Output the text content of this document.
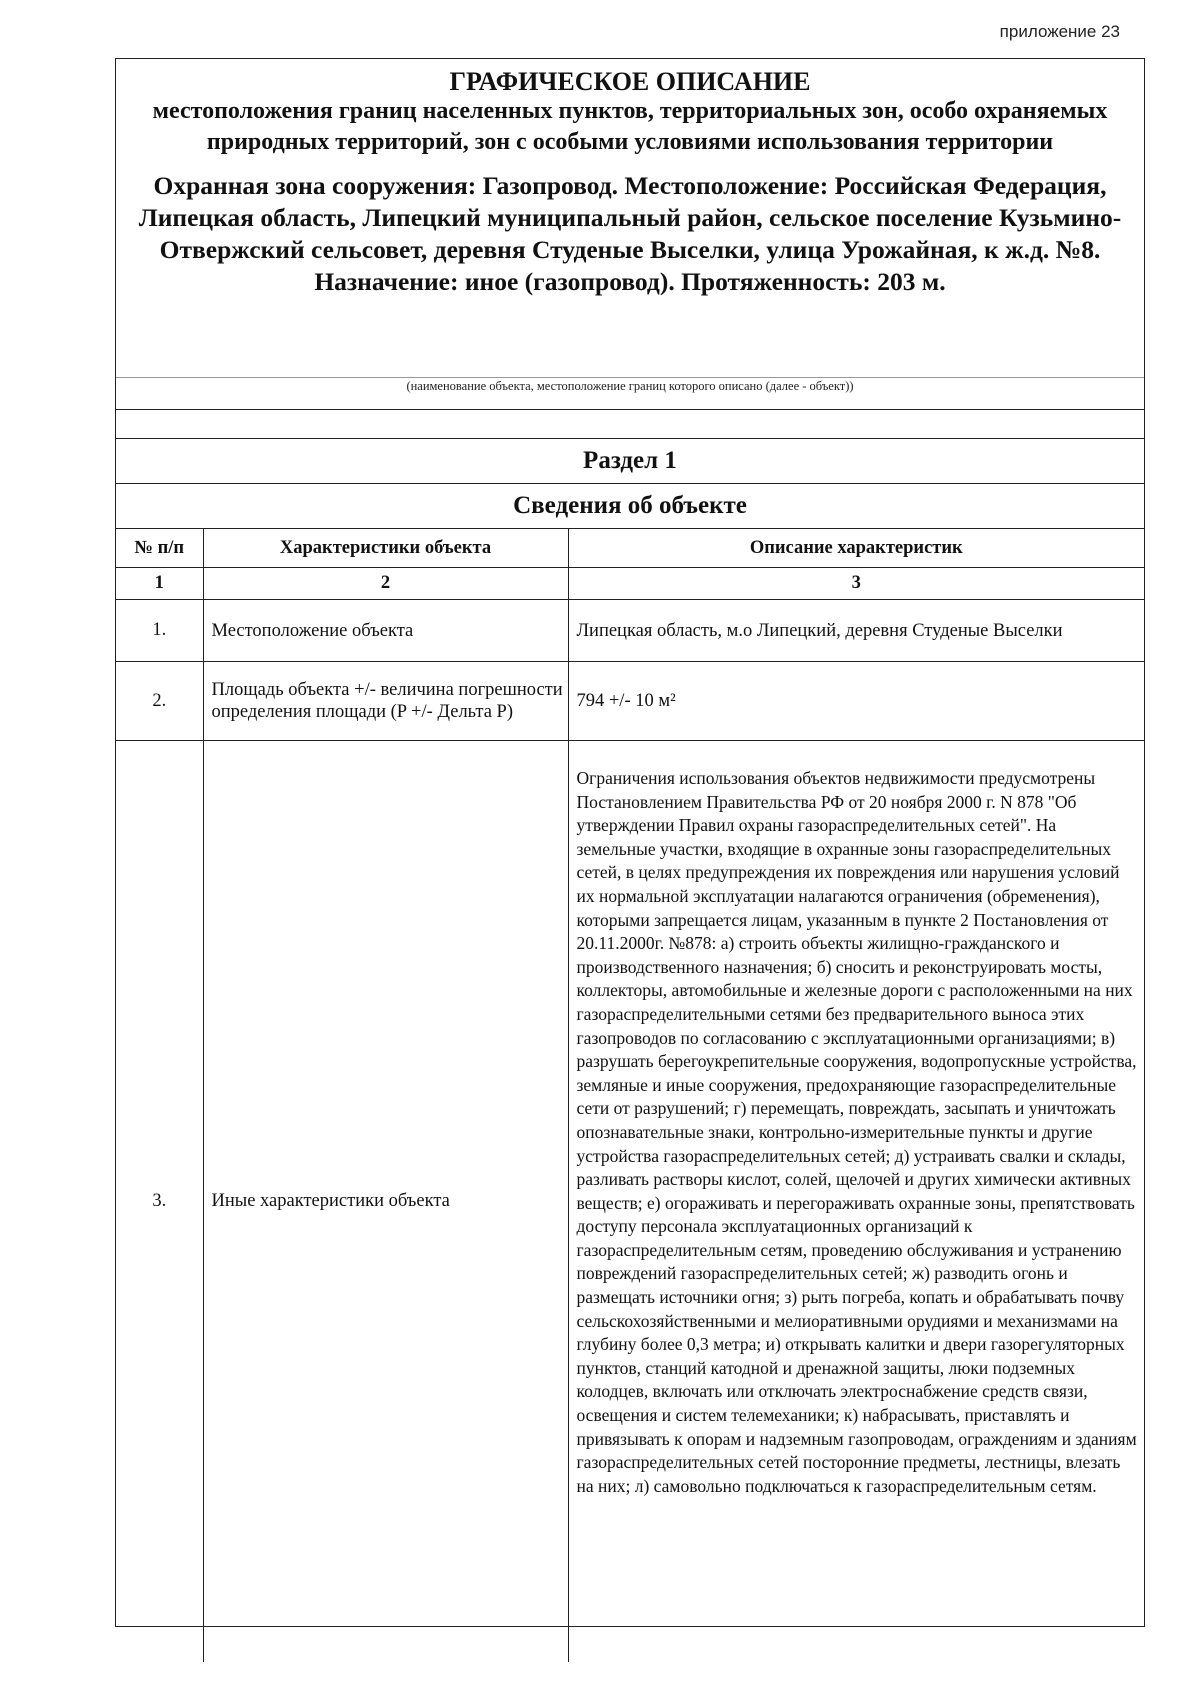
приложение 23
ГРАФИЧЕСКОЕ ОПИСАНИЕ
местоположения границ населенных пунктов, территориальных зон, особо охраняемых природных территорий, зон с особыми условиями использования территории
Охранная зона сооружения: Газопровод. Местоположение: Российская Федерация, Липецкая область, Липецкий муниципальный район, сельское поселение Кузьмино-Отвержский сельсовет, деревня Студеные Выселки, улица Урожайная, к ж.д. №8. Назначение: иное (газопровод). Протяженность: 203 м.
(наименование объекта, местоположение границ которого описано (далее - объект))
Раздел 1
Сведения об объекте
№ п/п	Характеристики объекта	Описание характеристик
1	2	3
1.	Местоположение объекта	Липецкая область, м.о Липецкий, деревня Студеные Выселки
2.	Площадь объекта +/- величина погрешности определения площади (P +/- Дельта P)	794 +/- 10 м²
3.	Иные характеристики объекта	Ограничения использования объектов недвижимости предусмотрены Постановлением Правительства РФ от 20 ноября 2000 г. N 878 "Об утверждении Правил охраны газораспределительных сетей". На земельные участки, входящие в охранные зоны газораспределительных сетей, в целях предупреждения их повреждения или нарушения условий их нормальной эксплуатации налагаются ограничения (обременения), которыми запрещается лицам, указанным в пункте 2 Постановления от 20.11.2000г. №878: а) строить объекты жилищно-гражданского и производственного назначения; б) сносить и реконструировать мосты, коллекторы, автомобильные и железные дороги с расположенными на них газораспределительными сетями без предварительного выноса этих газопроводов по согласованию с эксплуатационными организациями; в) разрушать берегоукрепительные сооружения, водопропускные устройства, земляные и иные сооружения, предохраняющие газораспределительные сети от разрушений; г) перемещать, повреждать, засыпать и уничтожать опознавательные знаки, контрольно-измерительные пункты и другие устройства газораспределительных сетей; д) устраивать свалки и склады, разливать растворы кислот, солей, щелочей и других химически активных веществ; е) огораживать и перегораживать охранные зоны, препятствовать доступу персонала эксплуатационных организаций к газораспределительным сетям, проведению обслуживания и устранению повреждений газораспределительных сетей; ж) разводить огонь и размещать источники огня; з) рыть погреба, копать и обрабатывать почву сельскохозяйственными и мелиоративными орудиями и механизмами на глубину более 0,3 метра; и) открывать калитки и двери газорегуляторных пунктов, станций катодной и дренажной защиты, люки подземных колодцев, включать или отключать электроснабжение средств связи, освещения и систем телемеханики; к) набрасывать, приставлять и привязывать к опорам и надземным газопроводам, ограждениям и зданиям газораспределительных сетей посторонние предметы, лестницы, влезать на них; л) самовольно подключаться к газораспределительным сетям.
